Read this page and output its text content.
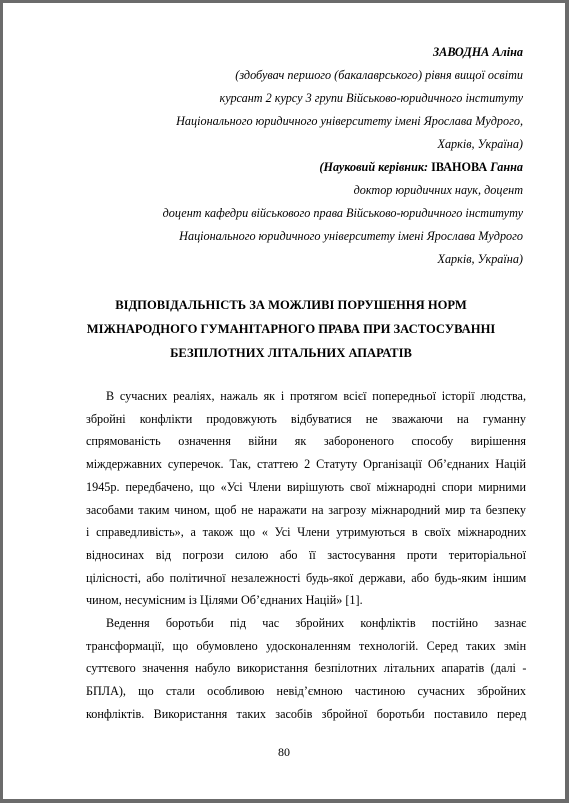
ЗАВОДНА Аліна
(здобувач першого (бакалаврського) рівня вищої освіти
курсант 2 курсу 3 групи Військово-юридичного інституту
Національного юридичного університету імені Ярослава Мудрого,
Харків, Україна)
(Науковий керівник: ІВАНОВА Ганна
доктор юридичних наук, доцент
доцент кафедри військового права Військово-юридичного інституту
Національного юридичного університету імені Ярослава Мудрого
Харків, Україна)
ВІДПОВІДАЛЬНІСТЬ ЗА МОЖЛИВІ ПОРУШЕННЯ НОРМ
МІЖНАРОДНОГО ГУМАНІТАРНОГО ПРАВА ПРИ ЗАСТОСУВАННІ
БЕЗПІЛОТНИХ ЛІТАЛЬНИХ АПАРАТІВ
В сучасних реаліях, нажаль як і протягом всієї попередньої історії людства,
збройні конфлікти продовжують відбуватися не зважаючи на гуманну
спрямованість означення війни як забороненого способу вирішення
міждержавних суперечок. Так, статтею 2 Статуту Організації Об’єднаних Націй
1945р. передбачено, що «Усі Члени вирішують свої міжнародні спори мирними
засобами таким чином, щоб не наражати на загрозу міжнародний мир та безпеку
і справедливість», а також що « Усі Члени утримуються в своїх міжнародних
відносинах від погрози силою або її застосування проти територіальної
цілісності, або політичної незалежності будь-якої держави, або будь-яким іншим
чином, несумісним із Цілями Об’єднаних Націй» [1].
Ведення боротьби під час збройних конфліктів постійно зазнає
трансформації, що обумовлено удосконаленням технологій. Серед таких змін
суттєвого значення набуло використання безпілотних літальних апаратів (далі -
БПЛА), що стали особливою невід’ємною частиною сучасних збройних
конфліктів. Використання таких засобів збройної боротьби поставило перед
80
